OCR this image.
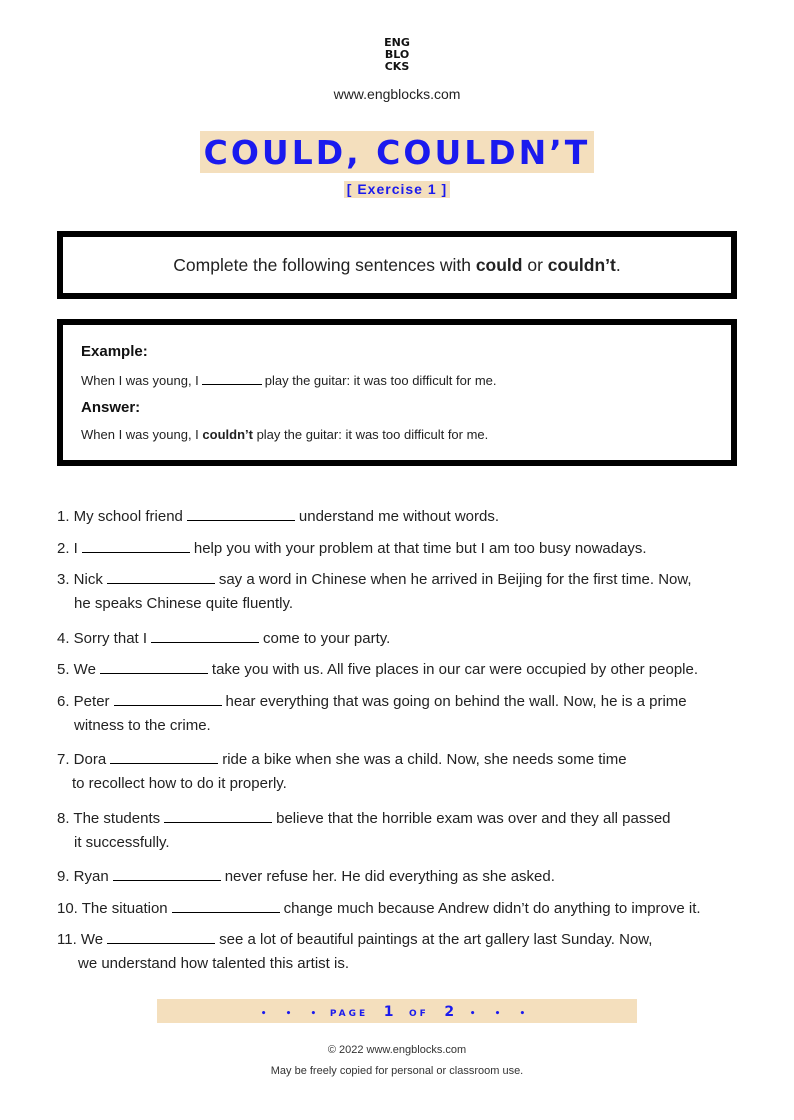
ENG
BLO
CKS
www.engblocks.com
COULD, COULDN’T
[ Exercise 1 ]
Complete the following sentences with could or couldn’t.
Example:
When I was young, I	play the guitar: it was too difficult for me.
Answer:
When I was young, I couldn’t play the guitar: it was too difficult for me.
1. My school friend	understand me without words.
2. I	help you with your problem at that time but I am too busy nowadays.
3. Nick	say a word in Chinese when he arrived in Beijing for the first time. Now,
he speaks Chinese quite fluently.
4. Sorry that I	come to your party.
5. We	take you with us. All five places in our car were occupied by other people.
6. Peter	hear everything that was going on behind the wall. Now, he is a prime
witness to the crime.
7. Dora	ride a bike when she was a child. Now, she needs some time
to recollect how to do it properly.
8. The students	believe that the horrible exam was over and they all passed
it successfully.
9. Ryan	never refuse her. He did everything as she asked.
10. The situation	change much because Andrew didn’t do anything to improve it.
11. We	see a lot of beautiful paintings at the art gallery last Sunday. Now,
we understand how talented this artist is.
• • • PAGE 1 OF 2 • • •
© 2022 www.engblocks.com
May be freely copied for personal or classroom use.
